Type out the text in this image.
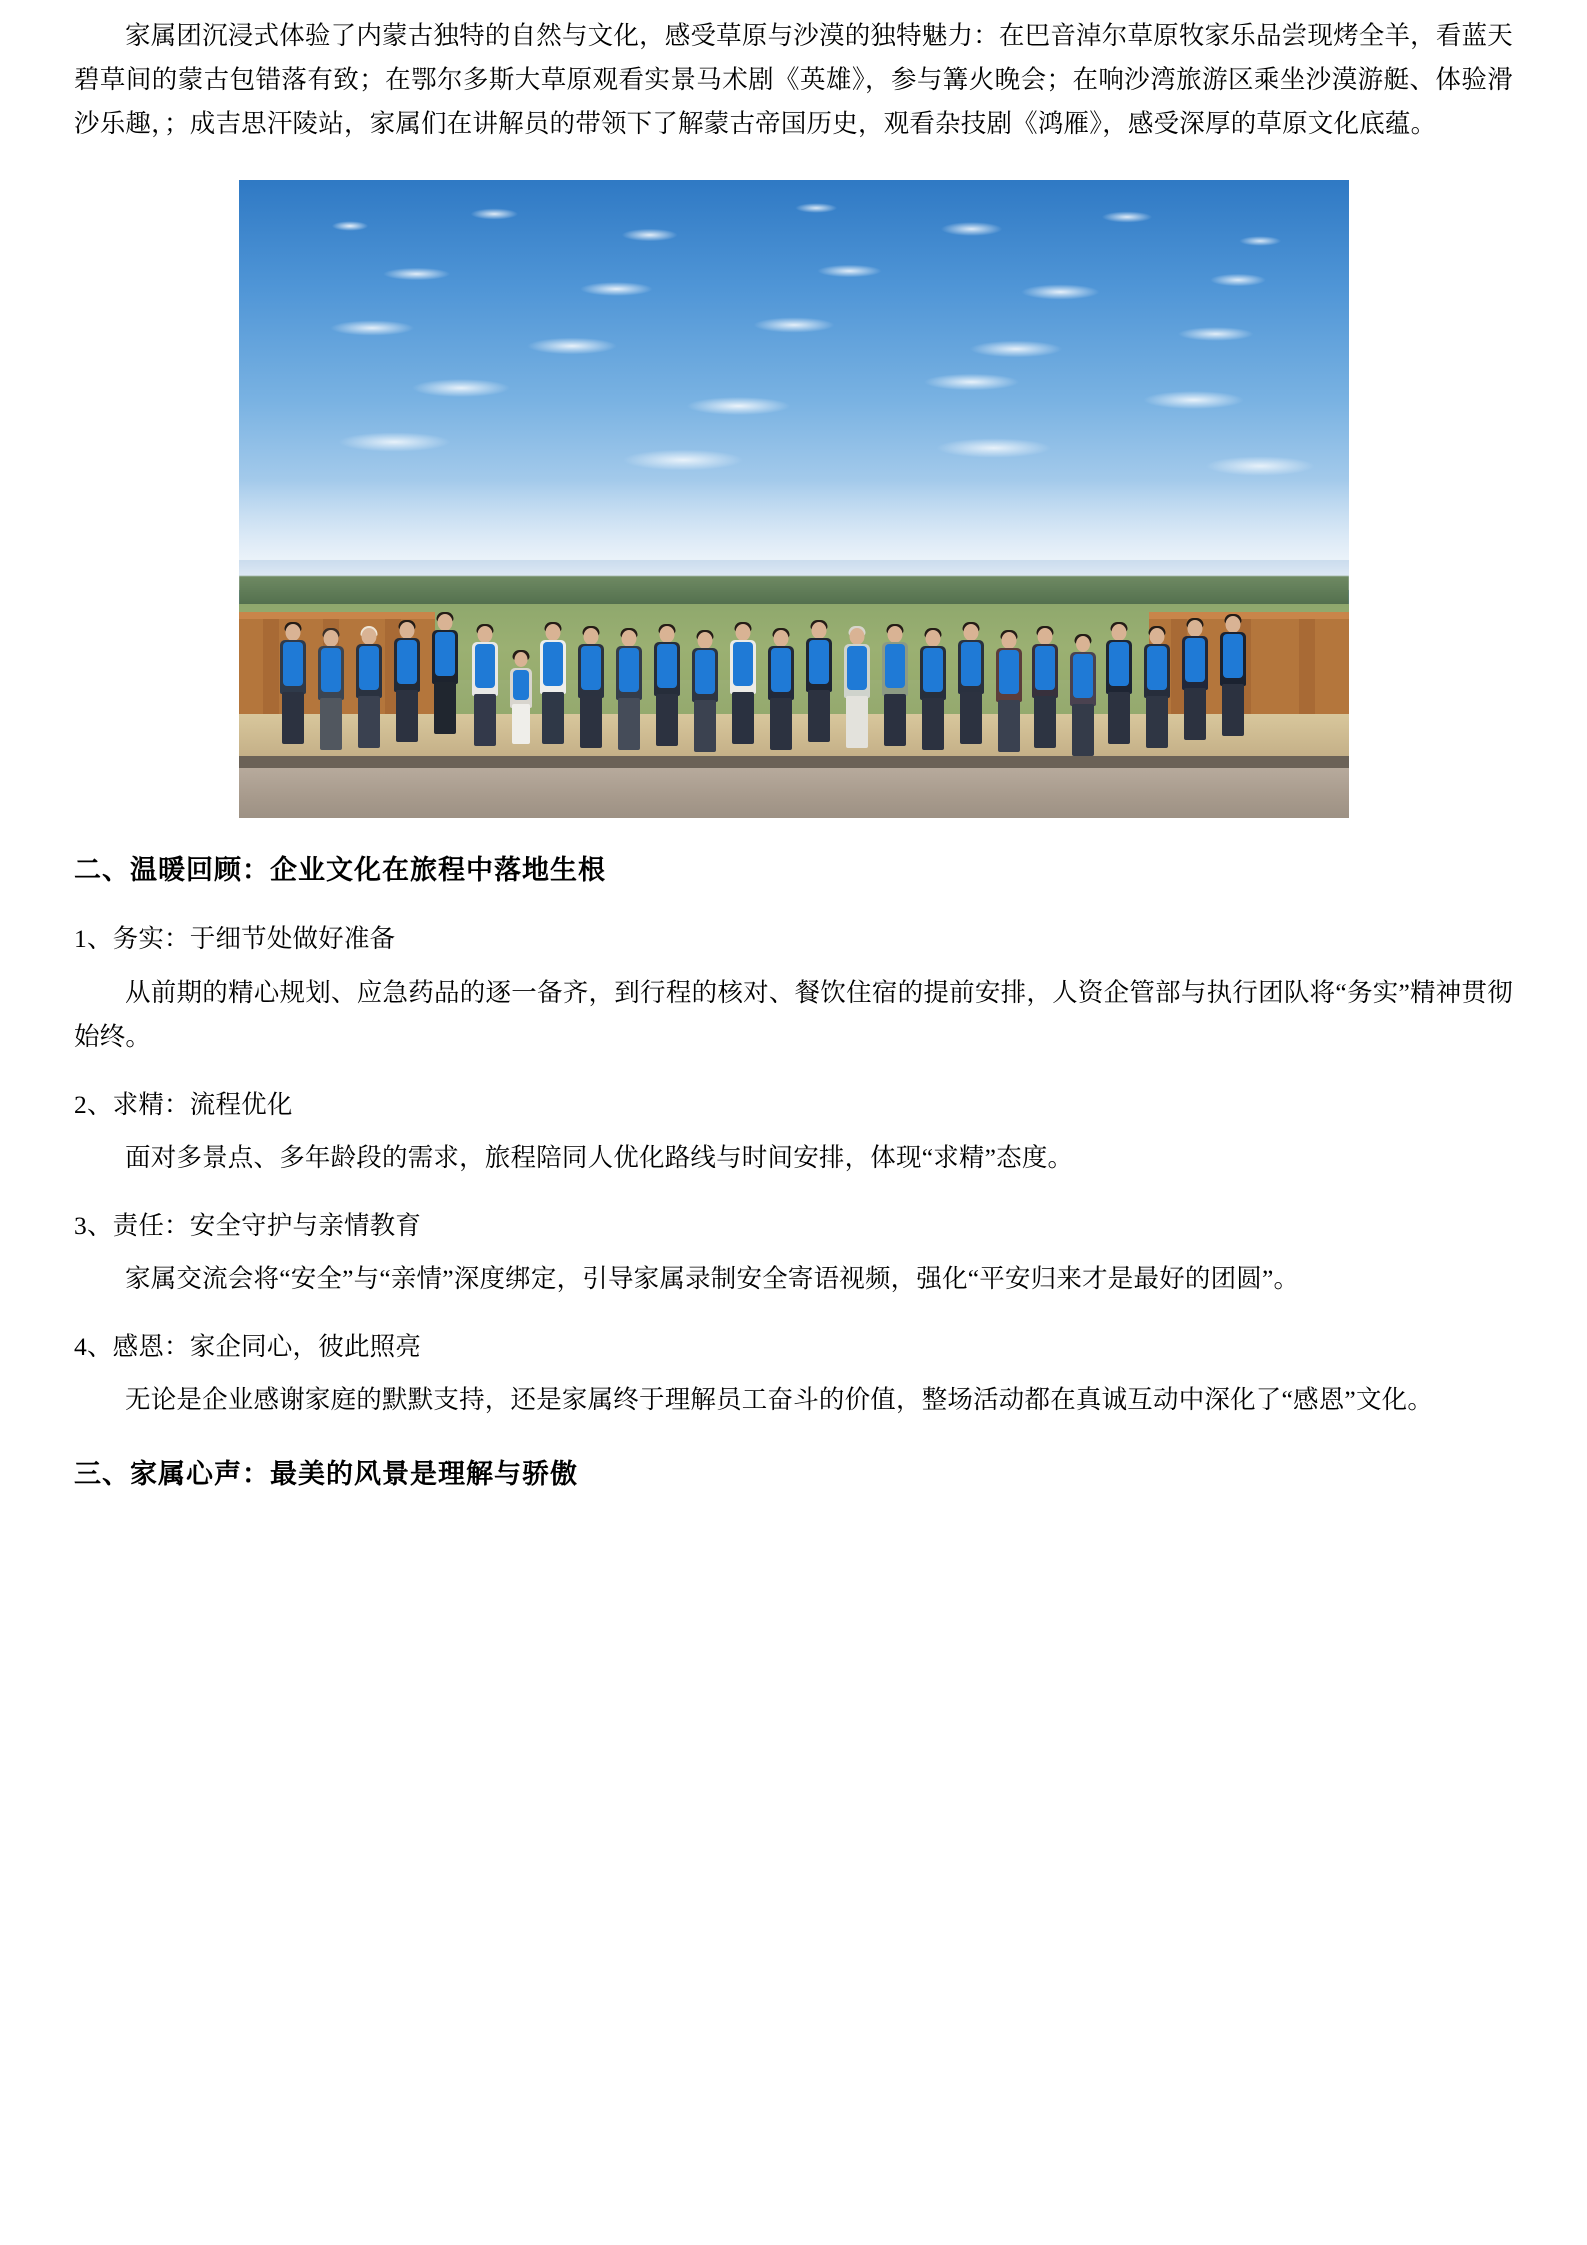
家属团沉浸式体验了内蒙古独特的自然与文化，感受草原与沙漠的独特魅力：在巴音淖尔草原牧家乐品尝现烤全羊，看蓝天碧草间的蒙古包错落有致；在鄂尔多斯大草原观看实景马术剧《英雄》，参与篝火晚会；在响沙湾旅游区乘坐沙漠游艇、体验滑沙乐趣，；成吉思汗陵站，家属们在讲解员的带领下了解蒙古帝国历史，观看杂技剧《鸿雁》，感受深厚的草原文化底蕴。

二、温暖回顾：企业文化在旅程中落地生根

1、务实：于细节处做好准备

从前期的精心规划、应急药品的逐一备齐，到行程的核对、餐饮住宿的提前安排，人资企管部与执行团队将“务实”精神贯彻始终。

2、求精：流程优化

面对多景点、多年龄段的需求，旅程陪同人优化路线与时间安排，体现“求精”态度。

3、责任：安全守护与亲情教育

家属交流会将“安全”与“亲情”深度绑定，引导家属录制安全寄语视频，强化“平安归来才是最好的团圆”。

4、感恩：家企同心，彼此照亮

无论是企业感谢家庭的默默支持，还是家属终于理解员工奋斗的价值，整场活动都在真诚互动中深化了“感恩”文化。

三、家属心声：最美的风景是理解与骄傲
